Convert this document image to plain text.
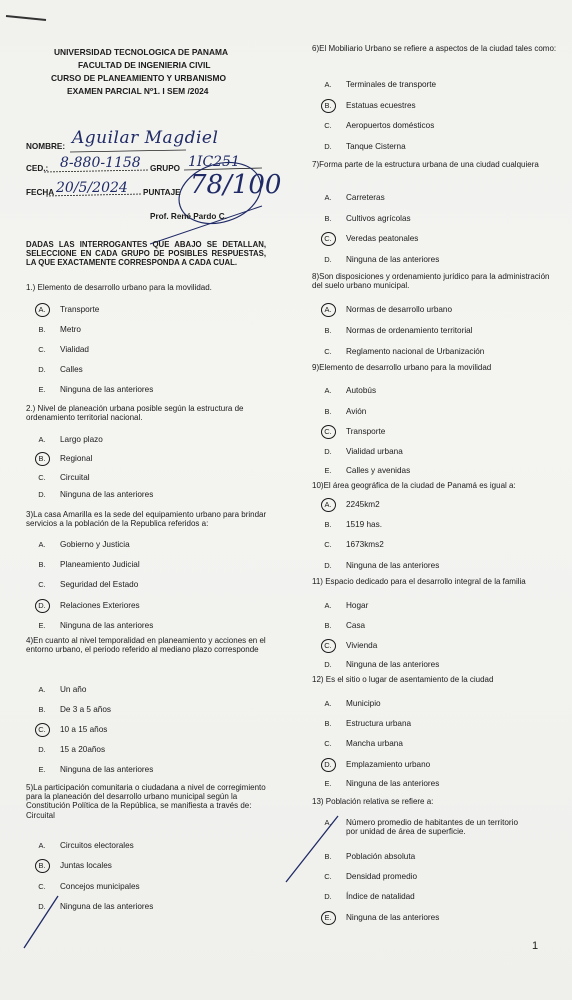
UNIVERSIDAD TECNOLOGICA DE PANAMA
FACULTAD DE INGENIERIA CIVIL
CURSO DE PLANEAMIENTO Y URBANISMO
EXAMEN PARCIAL Nº1. I SEM /2024
NOMBRE: Aguilar Magdiel
CED.: 8-880-1158 GRUPO 1IC251
FECHA 20/5/2024 PUNTAJE 78/100
Prof. René Pardo C.
DADAS LAS INTERROGANTES QUE ABAJO SE DETALLAN, SELECCIONE EN CADA GRUPO DE POSIBLES RESPUESTAS, LA QUE EXACTAMENTE CORRESPONDA A CADA CUAL.
1.) Elemento de desarrollo urbano para la movilidad.
A. Transporte
B. Metro
C. Vialidad
D. Calles
E. Ninguna de las anteriores
2.) Nivel de planeación urbana posible según la estructura de ordenamiento territorial nacional.
A. Largo plazo
B. Regional
C. Circuital
D. Ninguna de las anteriores
3)La casa Amarilla es la sede del equipamiento urbano para brindar servicios a la población de la Republica referidos a:
A. Gobierno y Justicia
B. Planeamiento Judicial
C. Seguridad del Estado
D. Relaciones Exteriores
E. Ninguna de las anteriores
4)En cuanto al nivel temporalidad en planeamiento y acciones en el entorno urbano, el periodo referido al mediano plazo corresponde
A. Un año
B. De 3 a 5 años
C. 10 a 15 años
D. 15 a 20años
E. Ninguna de las anteriores
5)La participación comunitaria o ciudadana a nivel de corregimiento para la planeación del desarrollo urbano municipal según la Constitución Política de la República, se manifiesta a través de: Circuital
A. Circuitos electorales
B. Juntas locales
C. Concejos municipales
D. Ninguna de las anteriores
6)El Mobiliario Urbano se refiere a aspectos de la ciudad tales como:
A. Terminales de transporte
B. Estatuas ecuestres
C. Aeropuertos domésticos
D. Tanque Cisterna
7)Forma parte de la estructura urbana de una ciudad cualquiera
A. Carreteras
B. Cultivos agrícolas
C. Veredas peatonales
D. Ninguna de las anteriores
8)Son disposiciones y ordenamiento jurídico para la administración del suelo urbano municipal.
A. Normas de desarrollo urbano
B. Normas de ordenamiento territorial
C. Reglamento nacional de Urbanización
9)Elemento de desarrollo urbano para la movilidad
A. Autobús
B. Avión
C. Transporte
D. Vialidad urbana
E. Calles y avenidas
10)El área geográfica de la ciudad de Panamá es igual a:
A. 2245km2
B. 1519 has.
C. 1673kms2
D. Ninguna de las anteriores
11) Espacio dedicado para el desarrollo integral de la familia
A. Hogar
B. Casa
C. Vivienda
D. Ninguna de las anteriores
12) Es el sitio o lugar de asentamiento de la ciudad
A. Municipio
B. Estructura urbana
C. Mancha urbana
D. Emplazamiento urbano
E. Ninguna de las anteriores
13) Población relativa se refiere a:
A. Número promedio de habitantes de un territorio por unidad de área de superficie.
B. Población absoluta
C. Densidad promedio
D. Índice de natalidad
E. Ninguna de las anteriores
1
